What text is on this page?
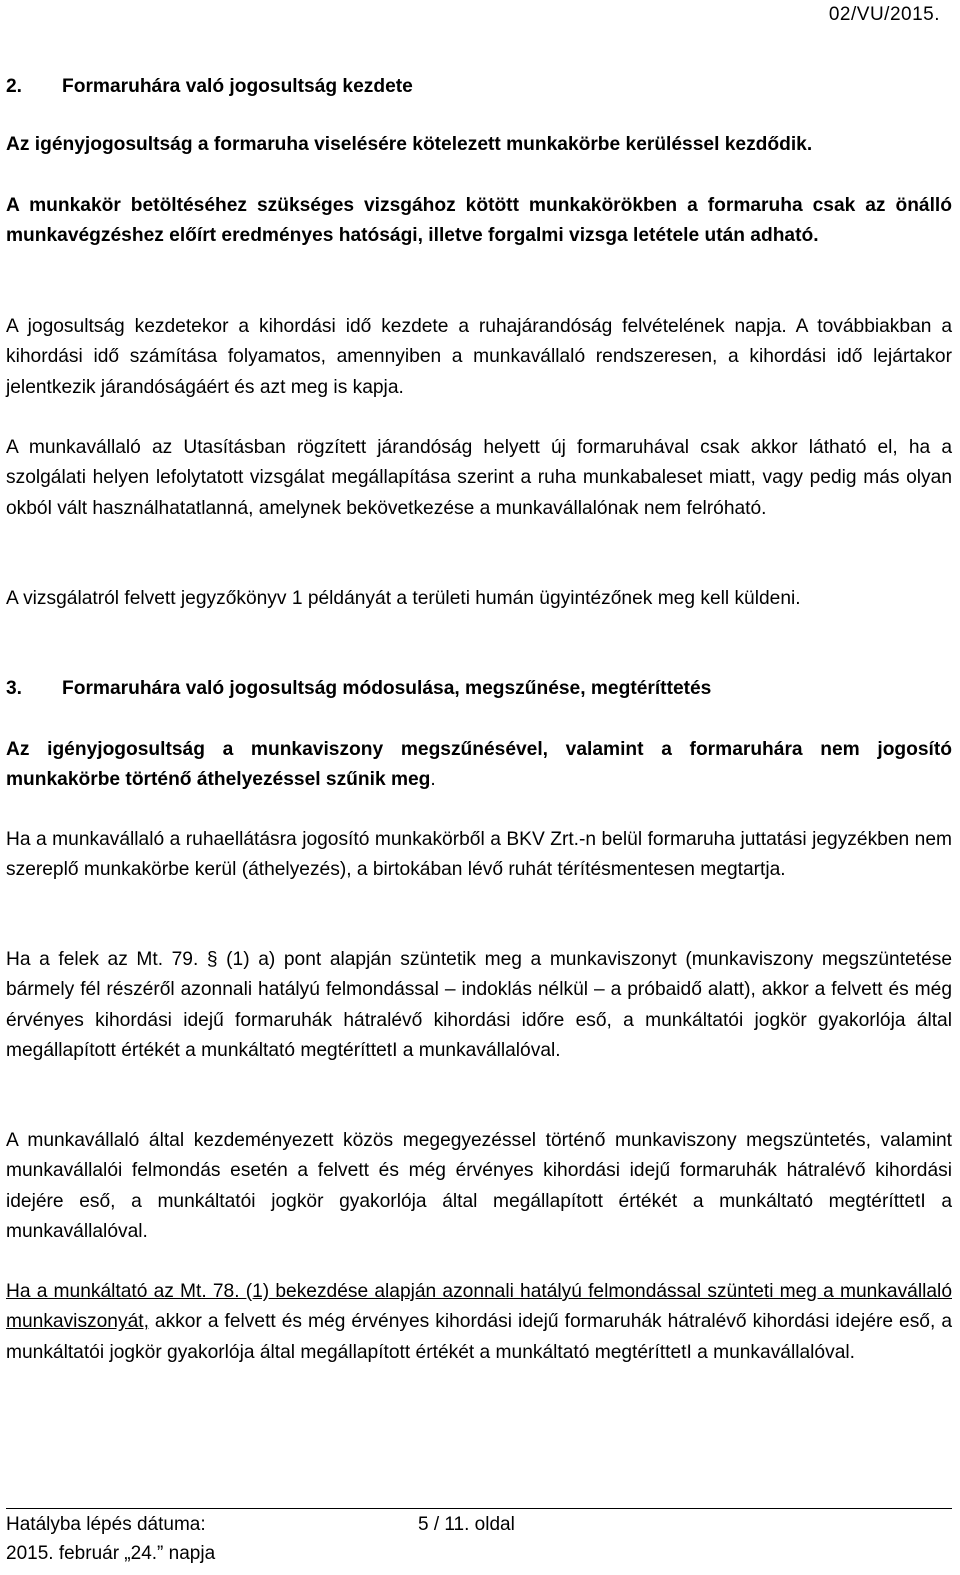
02/VU/2015.
2. Formaruhára való jogosultság kezdete

Az igényjogosultság a formaruha viselésére kötelezett munkakörbe kerüléssel kezdődik.

A munkakör betöltéséhez szükséges vizsgához kötött munkakörökben a formaruha csak az önálló munkavégzéshez előírt eredményes hatósági, illetve forgalmi vizsga letétele után adható.

A jogosultság kezdetekor a kihordási idő kezdete a ruhajárandóság felvételének napja. A továbbiakban a kihordási idő számítása folyamatos, amennyiben a munkavállaló rendszeresen, a kihordási idő lejártakor jelentkezik járandóságáért és azt meg is kapja.

A munkavállaló az Utasításban rögzített járandóság helyett új formaruhával csak akkor látható el, ha a szolgálati helyen lefolytatott vizsgálat megállapítása szerint a ruha munkabaleset miatt, vagy pedig más olyan okból vált használhatatlanná, amelynek bekövetkezése a munkavállalónak nem felróható.

A vizsgálatról felvett jegyzőkönyv 1 példányát a területi humán ügyintézőnek meg kell küldeni.

3. Formaruhára való jogosultság módosulása, megszűnése, megtéríttetés

Az igényjogosultság a munkaviszony megszűnésével, valamint a formaruhára nem jogosító munkakörbe történő áthelyezéssel szűnik meg.

Ha a munkavállaló a ruhaellátásra jogosító munkakörből a BKV Zrt.-n belül formaruha juttatási jegyzékben nem szereplő munkakörbe kerül (áthelyezés), a birtokában lévő ruhát térítésmentesen megtartja.

Ha a felek az Mt. 79. § (1) a) pont alapján szüntetik meg a munkaviszonyt (munkaviszony megszüntetése bármely fél részéről azonnali hatályú felmondással – indoklás nélkül – a próbaidő alatt), akkor a felvett és még érvényes kihordási idejű formaruhák hátralévő kihordási időre eső, a munkáltatói jogkör gyakorlója által megállapított értékét a munkáltató megtéríttetI a munkavállalóval.

A munkavállaló által kezdeményezett közös megegyezéssel történő munkaviszony megszüntetés, valamint munkavállalói felmondás esetén a felvett és még érvényes kihordási idejű formaruhák hátralévő kihordási idejére eső, a munkáltatói jogkör gyakorlója által megállapított értékét a munkáltató megtéríttetI a munkavállalóval.

Ha a munkáltató az Mt. 78. (1) bekezdése alapján azonnali hatályú felmondással szünteti meg a munkavállaló munkaviszonyát, akkor a felvett és még érvényes kihordási idejű formaruhák hátralévő kihordási idejére eső, a munkáltatói jogkör gyakorlója által megállapított értékét a munkáltató megtéríttetI a munkavállalóval.

Hatályba lépés dátuma:	5 / 11. oldal
2015. február „24.” napja
